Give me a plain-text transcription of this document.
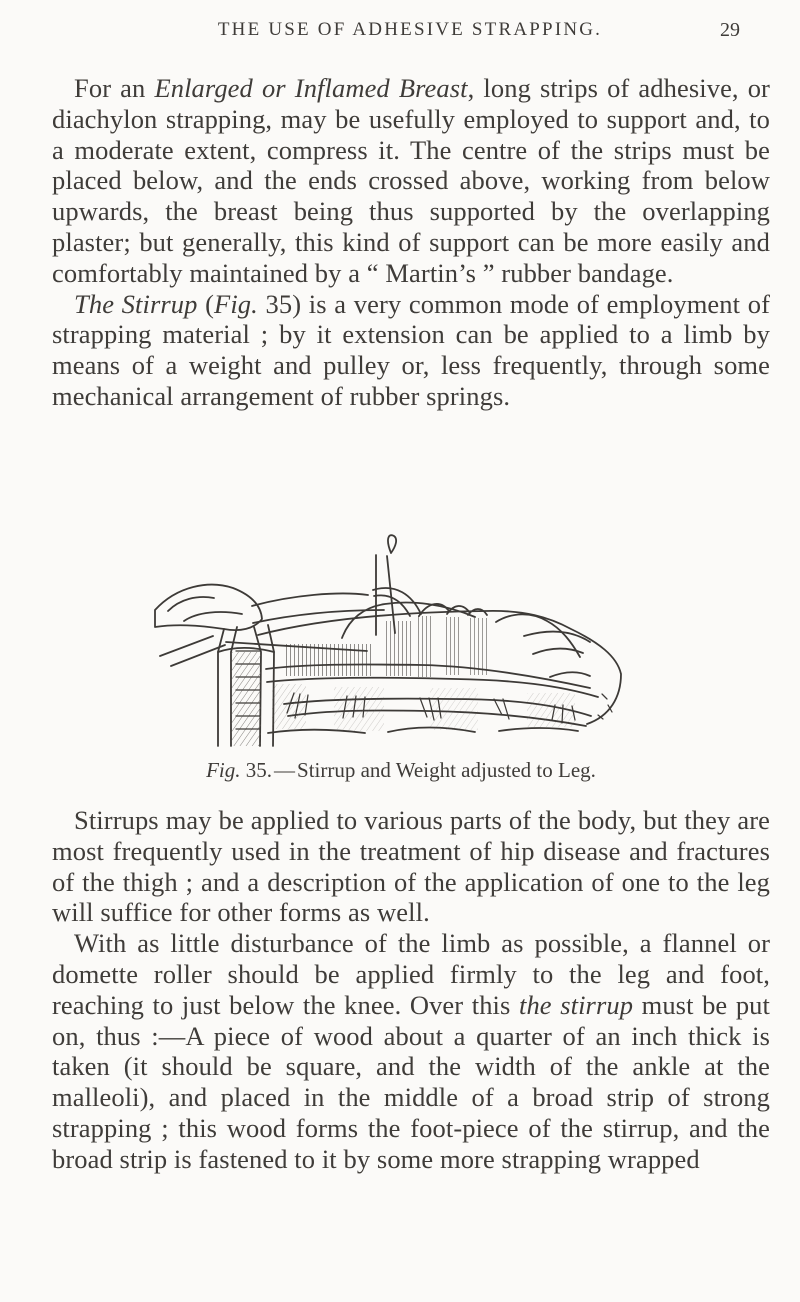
THE USE OF ADHESIVE STRAPPING.	29

For an Enlarged or Inflamed Breast, long strips of adhesive, or diachylon strapping, may be usefully employed to support and, to a moderate extent, compress it. The centre of the strips must be placed below, and the ends crossed above, working from below upwards, the breast being thus supported by the overlapping plaster; but generally, this kind of support can be more easily and comfortably maintained by a “ Martin’s ” rubber bandage.

The Stirrup (Fig. 35) is a very common mode of employment of strapping material ; by it extension can be applied to a limb by means of a weight and pulley or, less frequently, through some mechanical arrangement of rubber springs.

Fig. 35.—Stirrup and Weight adjusted to Leg.

Stirrups may be applied to various parts of the body, but they are most frequently used in the treatment of hip disease and fractures of the thigh ; and a description of the application of one to the leg will suffice for other forms as well.

With as little disturbance of the limb as possible, a flannel or domette roller should be applied firmly to the leg and foot, reaching to just below the knee. Over this the stirrup must be put on, thus :—A piece of wood about a quarter of an inch thick is taken (it should be square, and the width of the ankle at the malleoli), and placed in the middle of a broad strip of strong strapping ; this wood forms the foot-piece of the stirrup, and the broad strip is fastened to it by some more strapping wrapped
